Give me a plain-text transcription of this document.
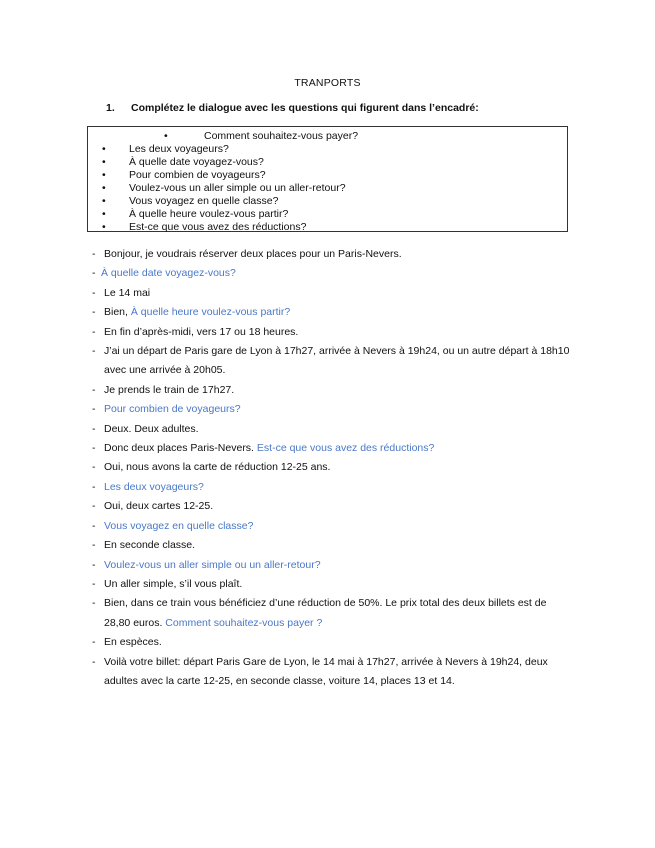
TRANPORTS
1. Complétez le dialogue avec les questions qui figurent dans l’encadré:
•	Comment souhaitez-vous payer?
• Les deux voyageurs?
• À quelle date voyagez-vous?
• Pour combien de voyageurs?
• Voulez-vous un aller simple ou un aller-retour?
• Vous voyagez en quelle classe?
• À quelle heure voulez-vous partir?
• Est-ce que vous avez des réductions?
- Bonjour, je voudrais réserver deux places pour un Paris-Nevers.
- À quelle date voyagez-vous?
- Le 14 mai
- Bien, À quelle heure voulez-vous partir?
- En fin d’après-midi, vers 17 ou 18 heures.
- J’ai un départ de Paris gare de Lyon à 17h27, arrivée à Nevers à 19h24, ou un autre départ à 18h10 avec une arrivée à 20h05.
- Je prends le train de 17h27.
- Pour combien de voyageurs?
- Deux. Deux adultes.
- Donc deux places Paris-Nevers. Est-ce que vous avez des réductions?
- Oui, nous avons la carte de réduction 12-25 ans.
- Les deux voyageurs?
- Oui, deux cartes 12-25.
- Vous voyagez en quelle classe?
- En seconde classe.
- Voulez-vous un aller simple ou un aller-retour?
- Un aller simple, s’il vous plaît.
- Bien, dans ce train vous bénéficiez d’une réduction de 50%. Le prix total des deux billets est de 28,80 euros. Comment souhaitez-vous payer ?
- En espèces.
- Voilà votre billet: départ Paris Gare de Lyon, le 14 mai à 17h27, arrivée à Nevers à 19h24, deux adultes avec la carte 12-25, en seconde classe, voiture 14, places 13 et 14.
